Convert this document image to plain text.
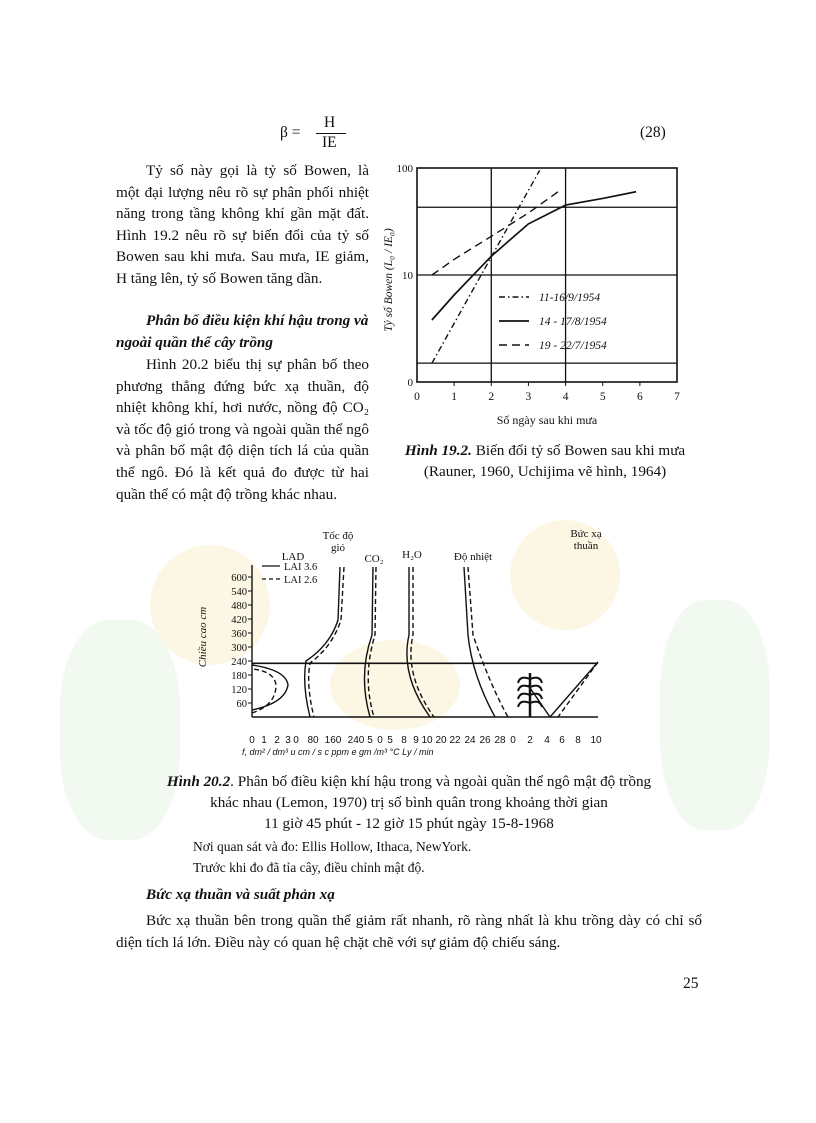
β =
H
IE
(28)
Tỷ số này gọi là tỷ số Bowen, là một đại lượng nêu rõ sự phân phối nhiệt năng trong tầng không khí gần mặt đất. Hình 19.2 nêu rõ sự biến đổi của tỷ số Bowen sau khi mưa. Sau mưa, IE giảm, H tăng lên, tỷ số Bowen tăng dần.
Phân bố điều kiện khí hậu trong và ngoài quần thể cây trồng
Hình 20.2 biểu thị sự phân bố theo phương thẳng đứng bức xạ thuần, độ nhiệt không khí, hơi nước, nồng độ CO₂ và tốc độ gió trong và ngoài quần thể ngô và phân bố mật độ diện tích lá của quần thể ngô. Đó là kết quả đo được từ hai quần thể có mật độ trồng khác nhau.
0	1	2	3	4	5	6	7
0
10
100
Số ngày sau khi mưa
Tỷ số Bowen (L₀ / IE₀)	11-16/9/1954
14 - 17/8/1954
19 - 22/7/1954
Hình 19.2. Biến đổi tỷ số Bowen sau khi mưa
(Rauner, 1960, Uchijima vẽ hình, 1964)
60
120
180
240
300
360
420
480
540
600
Chiều cao cm
LAD
Tốc độ
gió
CO₂ H₂O	Độ nhiệt
Bức xạ
thuần
LAI 3.6
LAI 2.6
0 1 2 3 0 80 160 240 5 0 5 8 9 10 20 22 24 26 28 0 2 4 6 8 10
f, dm² / dm³ u cm / s c ppm e gm /m³ °C Ly / min
Hình 20.2. Phân bố điều kiện khí hậu trong và ngoài quần thể ngô mật độ trồng
khác nhau (Lemon, 1970) trị số bình quân trong khoảng thời gian
11 giờ 45 phút - 12 giờ 15 phút ngày 15-8-1968
Nơi quan sát và đo: Ellis Hollow, Ithaca, NewYork.
Trước khi đo đã tỉa cây, điều chỉnh mật độ.
Bức xạ thuần và suất phản xạ
Bức xạ thuần bên trong quần thể giảm rất nhanh, rõ ràng nhất là khu trồng dày có chỉ số diện tích lá lớn. Điều này có quan hệ chặt chẽ với sự giảm độ chiếu sáng.
25
